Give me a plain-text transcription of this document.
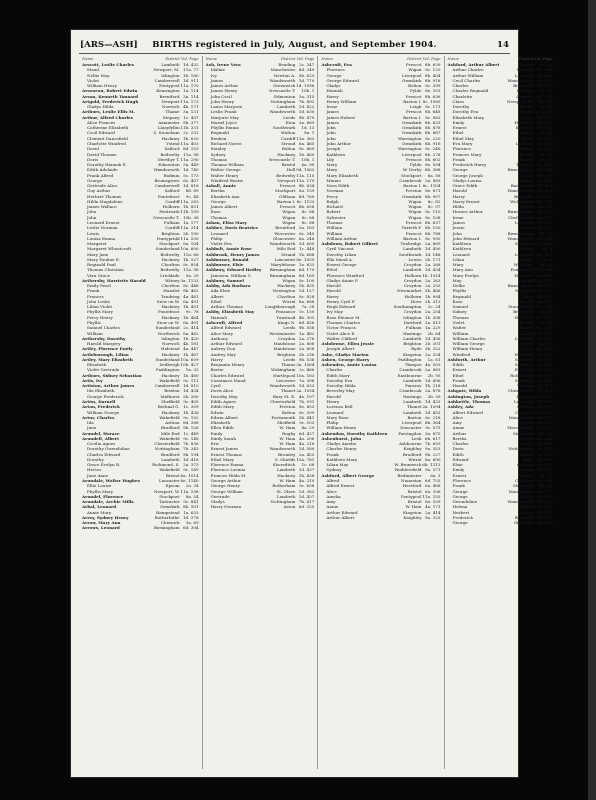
[ARS—ASH]	BIRTHS registered in July, August, and September 1904.	14
Name	District Vol. Page
Arscott, Leslie Charles	Lambeth 1d. 432
Maud	Newport, M. 11a. 77
Nellie May	Islington 1b. 160
Violet	Camberwell 1d. 911
William Henry	Pontypool 11a. 170
Arseneau, Robert Edwin	Kensington 1a. 114
Arson, Kenneth Tonnard	Brentford 3a. 114
Artgold, Frederick Hugh	Newport 11a. 173
Gladys Hilda	Norwich 4b. 171
Arthurs, Leslie Ellis M.	Thame 3a. 131
Arthur, Alfred Charles	Stepney 1c. 497
Alice Frances	Axminster 5b. 377
Catherine Elizabeth	Llanyfyllin 11b. 331
Cecil Edward	S. Stoneham 2c. 232
Clement Dancefield	Hackney 1b. 620
Charlotte Winifred	Ystrad 11a. 403
David	Salford 8d. 153
David Thomas	Bedwelty 11a. 98
Doris	Merthyr T. 11a. 290
Dorothy Hannah E.	Edmonton 3a. 449
Edith Adelaide	Wandsworth 1d. 740
Frank Alfred	Bodmin 5c. 173
George	Bromsgrove 6c. 407
Gertrude Alice	Camberwell 1d. 818
Guy Arthur	Salford	8d. 89
Herbert Thomas	Pontefract	9c. 48
Hilda Magdalene	Cardiff 11a. 283
James Wallace	Holborn 1b. 851
John	Pentreath 11b. 159
John	Newcastle T. 10b. 36
Leonard Ernest	Fulham 1a. 177
Leslie Norman	Cardiff 11a. 314
Lewis	Brighton 2b. 190
Louisa Emma	Pontypridd 11a. 530
Margaret	Stockport 8a. 104
Margaret Wheatcroft	Sunderland 10a. 600
Mary Jane	Bedwelty 11a. 66
Mary Pauline E.	Hackney 1b. 527
Reginald Paul	Chorlton 8c. 854
Thomas Christian	Bedwelty 11a. 98
Vera Grace	Cricklade	5a. 20
Arthersby, Harriette Harold	Witney 3a. 1133
Emily Pearl	Chorlton 8c. 446
Frank	Hunslet 9b. 462
Frances	Tendring 4a. 461
John Leslie	Stow on W. 6a. 491
Lilian Violet	Hackney 1b. 491
Phyllis Mary	Pontefract	9c. 78
Percy Henry	Hackney 1b. 464
Phyllis	Stow on W. 6a. 491
Samuel Charles	Sunderland 2c. 414
William	Northwich 8a. 462
Arthersby, Dorothy	Islington 1b. 420
Harold Margery	Norwich 4b. 181
Artley, Florence Emily	Halstead 4a. 447
Artleborough, Lilian	Hackney 1b. 487
Artley, Mary Elizabeth	Sunderland 10a. 609
Elizabeth	Sedbergh 10b. 427
Violet Gertrude	Paddington	1a. 33
Arthurs, Sidney Sebastian	Hackney 1b. 460
Artis, Ivy	Wakefield 9c. 111
Artiston, Arthur James	Camberwell 1d. 810
Ida Elizabeth	Brixton 1d. 434
George Frederick	Midhurst 2b. 300
Artiss, Darnell	Sheffield 9c. 405
Arton, Frederick	Bethnal G. 1c. 309
William George	Hackney 1b. 436
Artur, Charles	Wakefield 9c. 102
Ida	Ashton 8d. 388
Jane	Bradford 9b. 126
Arundel, Horace	Mile End 1c. 449
Arundell, Albert	Wakefield 9c. 148
Cecilia Agnes	Chesterfield 7b. 838
Dorothy Gwendoline	Nottingham 7b. 343
Charles Edward	Bradford 9b. 194
Dorothy	Lambeth 1d. 418
Grace Evelyn B.	Richmond, S. 2a. 373
Hector	Wakefield 9c. 149
Jane Anne	Bristol 6a. 1014
Arundale, Walter Hughes	Lancaster 8e. 1140
Ellie Louise	Epsom	2a. 34
Phyllis Mary	Newport, W. 11a. 198
Arundel, Florence	Stockport	8a. 54
Arundale, Archie Mills	Tadcaster 9c. 841
Arbal, Leonard	Ormskirk 8b. 901
Annie Mary	Hampstead 1a. 633
Arrey, Sydney Henry	Rotherhithe 1d. 578
Arrow, Mary Ann	Chiswick	3a. 69
Arrows, Leonard	Birmingham 6d. 304
Name	District Vol. Page
Ash, Irene Vera	Reading 2c. 347
Idaline	Manchester 8d. 349
Ivy	Newton A. 5b. 623
James	Wandsworth 1d. 770
James Arthur	Greenwich 1d. 1096
James Henry	Newcastle T.	10b. 1
John Cecil	Edmonton 3a. 315
John Henry	Nottingham 7b. 492
Laura Marjorie	Lambeth 1d. 422
Leslie Frank	Wandsworth 1d. 630
Marjorie May	Leeds 9b. 479
Muriel Joyce	Eton 3a. 669
Phyllis Emma	Southwark	1d. 13
Reginald	Walton	8a. 1
Reuben	Cardiff 11a. 363
Richard Norris	Stroud 6a. 465
Stanley	Bolton 8c. 469
Sydney	Hackney 1b. 460
Thomas	Newcastle T.	10b. 1
Thomas William	Bristol	6a. 90
Walter George	Hull 9d. 1063
Walter Henry	Bedwelty 11a. 110
Winifred Beatie	Newport 11a. 170
Ashall, Annie	Prescot 8b. 634
Bertha	Stockport 8a. 139
Elizabeth Ann	Oldham 8d. 760
George	Barton I. 8c. 1133
James Albert	Prescot 8b. 658
Rose	Wigan	8c. 88
Thomas	Wigan	8c. 88
Ashan, Eliza Mary	Wigan	8c. 88
Ashbee, Doris Beatrice	Brentford 3a. 163
Leonard	Worcester 6c. 345
Philip	Gloucester 6a. 248
Violet Eva	Wandsworth 1d. 665
Ashbolt, Annie Rose	Mile End 1c. 448
Ashbrook, Henry James	Strand 1b. 688
Ashburner, Ronald	Lancaster 8e. 1059
Ashburner, Elsie	Marylebone 1a. 633
Ashbury, Edward Hedley	Birmingham 6d. 170
Jameson, William V.	Birmingham 6d. 169
Ashbury, Samuel	Wigan 8c. 100
Ashby, Ada Barbara	Hackney 1b. 435
Ada Elsie	Newington 1d. 127
Albert	Chorlton 8c. 828
Ethel	Wirral 8a. 688
Arthur, Thomas	Loughborough	7a. 28
Ashby, Elizabeth May	Penzance 5c. 150
Hannah	Tunstead 4b. 301
Ashcroft, Alfred	Kings N. 6d. 456
Alfred Edward	Leeds 9b. 556
Alice Mary	Westminster 1a. 482
Anthony	Croydon 2a. 276
Arthur Edward	Maidstone 2a. 806
Aubrey Don	Maidstone 2a. 608
Audrey May	Brighton 2b. 256
Harry	Leeds 9b. 536
Benjamin Henry	Thame 3a. 1064
Bertie	Wokingham 2c. 466
Charles Edward	Hartlepool 10a. 163
Constance Maud	Leicester 7a. 396
Cyril	Wandsworth 1d. 633
Doris Alice	Thanet 2a. 1054
Dorothy May	Bury St. E. 4a. 197
Edith Agnes	Chesterfield 7b. 591
Edith Mary	Preston 8e. 853
Edwin	Bolton 8c. 399
Edwin Albert	Portsmouth 2b. 441
Elizabeth	Sheffield 9c. 553
Ellen Edith	W. Ham	4a. 29
Emily	Rugby 6d. 427
Emily Sarah	W. Ham 4a. 206
Eric	W. Ham 4a. 216
Ernest James	Wandsworth 1d. 580
Ernest Thomas	Bromley 2a. 453
Ethel Mary	S. Shields 10a. 781
Florence Emma	Shoreditch	1c. 68
Florence Lavinia	Lambeth 1d. 437
Frances Hilda M.	Hackney 1b. 438
George Arthur	W. Ham 4a. 219
George Henry	Rotherham 9c. 658
George William	St. Olave 1d. 383
Gertrude	Lambeth 1d. 457
Gladys	Nottingham 7b. 417
Harry Norman	Aston 6d. 325
Name	District Vol. Page
Ashcroft, Eva	Prescot 8b. 639
Florence	Wigan 8c. 120
George	Liverpool 8b. 404
George Edward	Ormskirk 8b. 918
Gladys	Bolton 8c. 399
Hannah	Fylde 8e. 553
Harry	Prescot 8b. 636
Henry William	Barton I. 8c. 1085
Irene	Leigh 8c. 171
James	Prescot 8b. 648
James Hubert	Barton I. 8c. 962
James	Ormskirk 8b. 833
John	Ormskirk 8b. 876
John	Ormskirk 8b. 887
John	Warrington 8c. 220
John Arthur	Ormskirk 8b. 916
Joseph	Warrington 8c. 246
Kathleen	Liverpool 8b. 278
Lily	Prescot 8b. 602
Mary	Fylde 8e. 594
Mary	W. Derby 8b. 388
Mary Elizabeth	Stockport	8a. 56
Minnie	Cranbrook 2a. 883
Nora Edith	Barton I. 8c. 1104
Norman	Preston 8e. 871
Percy	Ormskirk 8b. 907
Ralph	Wigan	8c. 82
Richard	Wigan	8c. 97
Robert	Wigan 8c. 110
Sylvester	Wigan 8c. 108
Thomas	Prescot 8b. 637
William	Toxteth P. 8b. 150
William	Prescot 8b. 788
William Arthur	Barton I. 8c. 930
Ashdown, Robert Gilbert	Tonbridge 2a. 869
Cyril Vincent	Lambeth 1d. 490
Dorothy Lilian	Southwark 1d. 148
Ella Maud A.	Lewes 2b. 171
Ernest George	Croydon 2a. 268
Ethel	Lambeth 1d. 434
Florence Winifred	Holborn 1b. 1014
Gladys Annie F.	Croydon 2a. 263
Harold	Croydon 2a. 253
Harold	Newmarket 3b. 466
Harry	Holborn 1b. 994
Henry Cyril F.	Hove 2b. 313
Hugh Edward	Southampton	2c. 24
Ivy May	Croydon 2a. 254
Rose Eleanor M.	Islington 1b. 308
Thomas Charles	Dartford 2a. 813
Victor Francis	Fulham 1a. 229
Violet Alice E.	Hastings	2b. 64
Walter Clifford	Lambeth 1d. 456
Ashdowne, Ellen Jessie	Brighton 2b. 301
Joseph Albert	Ryde 3b. 322
Ashe, Gladys Marion	Kingston 2a. 534
Ashen, George Harry	Paddington	1a. 61
Ashenden, Annie Louisa	Thingoe 4a. 503
Charles	Cranbrook 2a. 883
Edith Mary	Eastbourne	2b. 95
Dorothy Eva	Lambeth 1d. 496
Dorothy Hilda	Pancras 1b. 218
Beverley May	Cranbrook 2a. 876
Harold	Hastings	2b. 39
Henry	Lambeth 1d. 433
Lorenzo Bell	Thanet 2a. 1094
Leonard	Lambeth 1d. 453
Mary Rose	Barton 6c. 218
Philip	Liverpool 8b. 364
William Henry	Doncaster 9c. 575
Ashendon, Dorothy Kathleen	Farringdon 3a. 875
Ashenhurst, John	Leek 6b. 617
Gladys Amelia	Ashbourne 7b. 659
Charles Henry	Keighley 9a. 353
Frank	Bradford 9b. 227
Kathleen Mary	Wirral 8a. 690
Lilian May	W. Bromwich 6b. 1113
Sydney	Huddersfield 9a. 371
Ashford, Albert George	Bedminster	6a. 3
Alfred	Nuneaton 6d. 753
Alfred Ernest	Hereford 6a. 468
Alice	Bristol 6a. 106
Amelia	Pontypool 11a. 155
Amy	Bristol 6a. 109
Annie	W. Ham 4a. 171
Arthur Edward	Kingston 2a. 414
Arthur Albert	Keighley 9a. 325
Name	District Vol. Page
Ashford, Arthur Albert	Bristol	6a. 80
Arthur Charles	Stepney 1c. 486
Arthur William	Lambeth 1d. 462
Cecil Charles	Wandsworth 1d. 626
Charles	Brentford 3a. 110
Charles Reginald	Pancras	1b. 65
Charlotte	Alcester 6d. 793
Clara	Newport, M. 11a. 86
Dorothy	Bristol	6a. 34
Dorothy Eva	Thanet 2a. 1052
Elizabeth Mary	Aston 6d. 340
Emily	Hereford 6a. 467
Ernest	Kings N. 6d. 532
Ethel	Bristol	6a. 63
Ethel May	Yeovil 5c. 549
Eva Mary	Ledbury 6a. 601
Florence	Bristol 6a. 119
Frances Mary	Bristol	6a. 87
Frank	Bristol	6a. 58
Frederick Harry	Tiverton 5b. 494
George	Birmingham 6d. 164
George Joseph	Aston 6d. 371
Gladys Louisa	Bristol 6a. 145
Grace Edith	Barnstaple 5b. 693
Harold	Wandsworth 1d. 614
Harry	Bedwelty 11a. 81
Harry Ernest	Wolstanton 6b. 175
Hilda	Bristol	6a. 62
Horace Arthur	Birmingham 6d. 239
Irene	Cheltenham 6a. 547
James	Lambeth 1d. 473
Jessie	Aston 6d. 331
John	Birmingham	6d. 87
John Edward	Wandsworth 1d. 664
Kathleen	Swansea 11a. 944
Kathleen	Bristol	6a. 8
Leonard	Lambeth 1d. 432
Lilian	Bristol	6a. 5
Mary	Westbury	5a. 75
Mary Ann	Pontypridd 11a. 580
Mary Evelyn	Hereford 6a. 463
May	Cardiff 11a. 310
Nellie	Birmingham 6d. 191
Phyllis	Newport 11a. 171
Reginald	Aston 6d. 328
Rose	Bristol 6a. 121
Samuel	Stourbridge 6c. 184
Sidney	Brentford	3a. 98
Thomas	Hereford 6a. 479
Violet	Bristol	6a. 30
Walter	Bristol 6a. 100
William	Cardiff 11a. 358
William Charles	Lambeth 1d. 445
William George	Bristol	6a. 72
William Henry	Aston 6d. 389
Winifred	Hereford 6a. 472
Ashforth, Arthur	Sheffield 9c. 393
Edith	Sheffield 9c. 388
Ernest	Ecclesall 9c. 219
Ethel	Rotherham 9c. 691
Frank	Sheffield 9c. 403
Harold	Wortley 9c. 531
Ashgate, Hilda	Chesterfield 7b. 604
Ashington, Joseph	Durham 10a. 341
Ashkettle, Thomas	Leicester 7a. 402
Ashley, Ada	Oldham 8d. 740
Albert Edward	Chorlton 8c. 870
Alice	Manchester 8d. 311
Amy	Salford 8d. 120
Annie	Macclesfield 8a. 230
Arthur	Stockport	8a. 62
Bertha	Leigh 8c. 164
Charles	Derby 7b. 468
Doris	Nottingham 7b. 380
Edith	Bolton 8c. 412
Edward	Bury 8c. 591
Elsie	Oldham 8d. 702
Emily	Ashton 8d. 407
Ernest	Salford	8d. 93
Florence	Chorlton 8c. 863
Frank	Stockport	8a. 48
George	Manchester 8d. 277
George	Derby 7b. 500
Gwendoline	Wandsworth 1d. 620
Helena	Salford 8d. 141
Herbert	Ashton 8d. 442
Frederick	Bradford 9b. 178
George	Ormskirk 8b. 924
